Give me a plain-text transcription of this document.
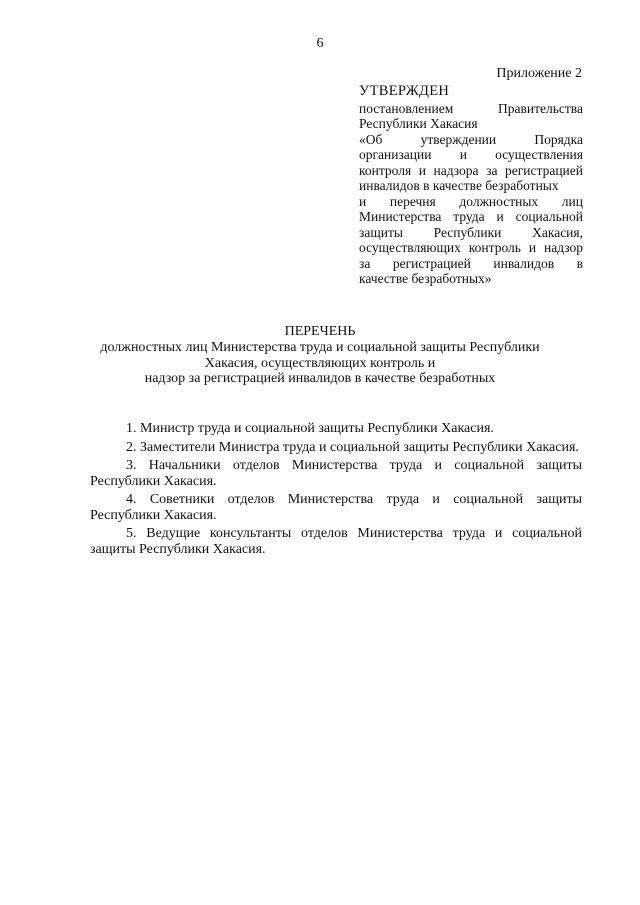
6
Приложение 2
УТВЕРЖДЕН
постановлением Правительства
Республики Хакасия
«Об утверждении Порядка
организации и осуществления
контроля и надзора за регистрацией
инвалидов в качестве безработных
и перечня должностных лиц
Министерства труда и социальной
защиты Республики Хакасия,
осуществляющих контроль и надзор
за регистрацией инвалидов в
качестве безработных»
ПЕРЕЧЕНЬ
должностных лиц Министерства труда и социальной защиты Республики
Хакасия, осуществляющих контроль и
надзор за регистрацией инвалидов в качестве безработных

1. Министр труда и социальной защиты Республики Хакасия.

2. Заместители Министра труда и социальной защиты Республики Хакасия.

3. Начальники отделов Министерства труда и социальной защиты Республики Хакасия.

4. Советники отделов Министерства труда и социальной защиты Республики Хакасия.

5. Ведущие консультанты отделов Министерства труда и социальной защиты Республики Хакасия.
